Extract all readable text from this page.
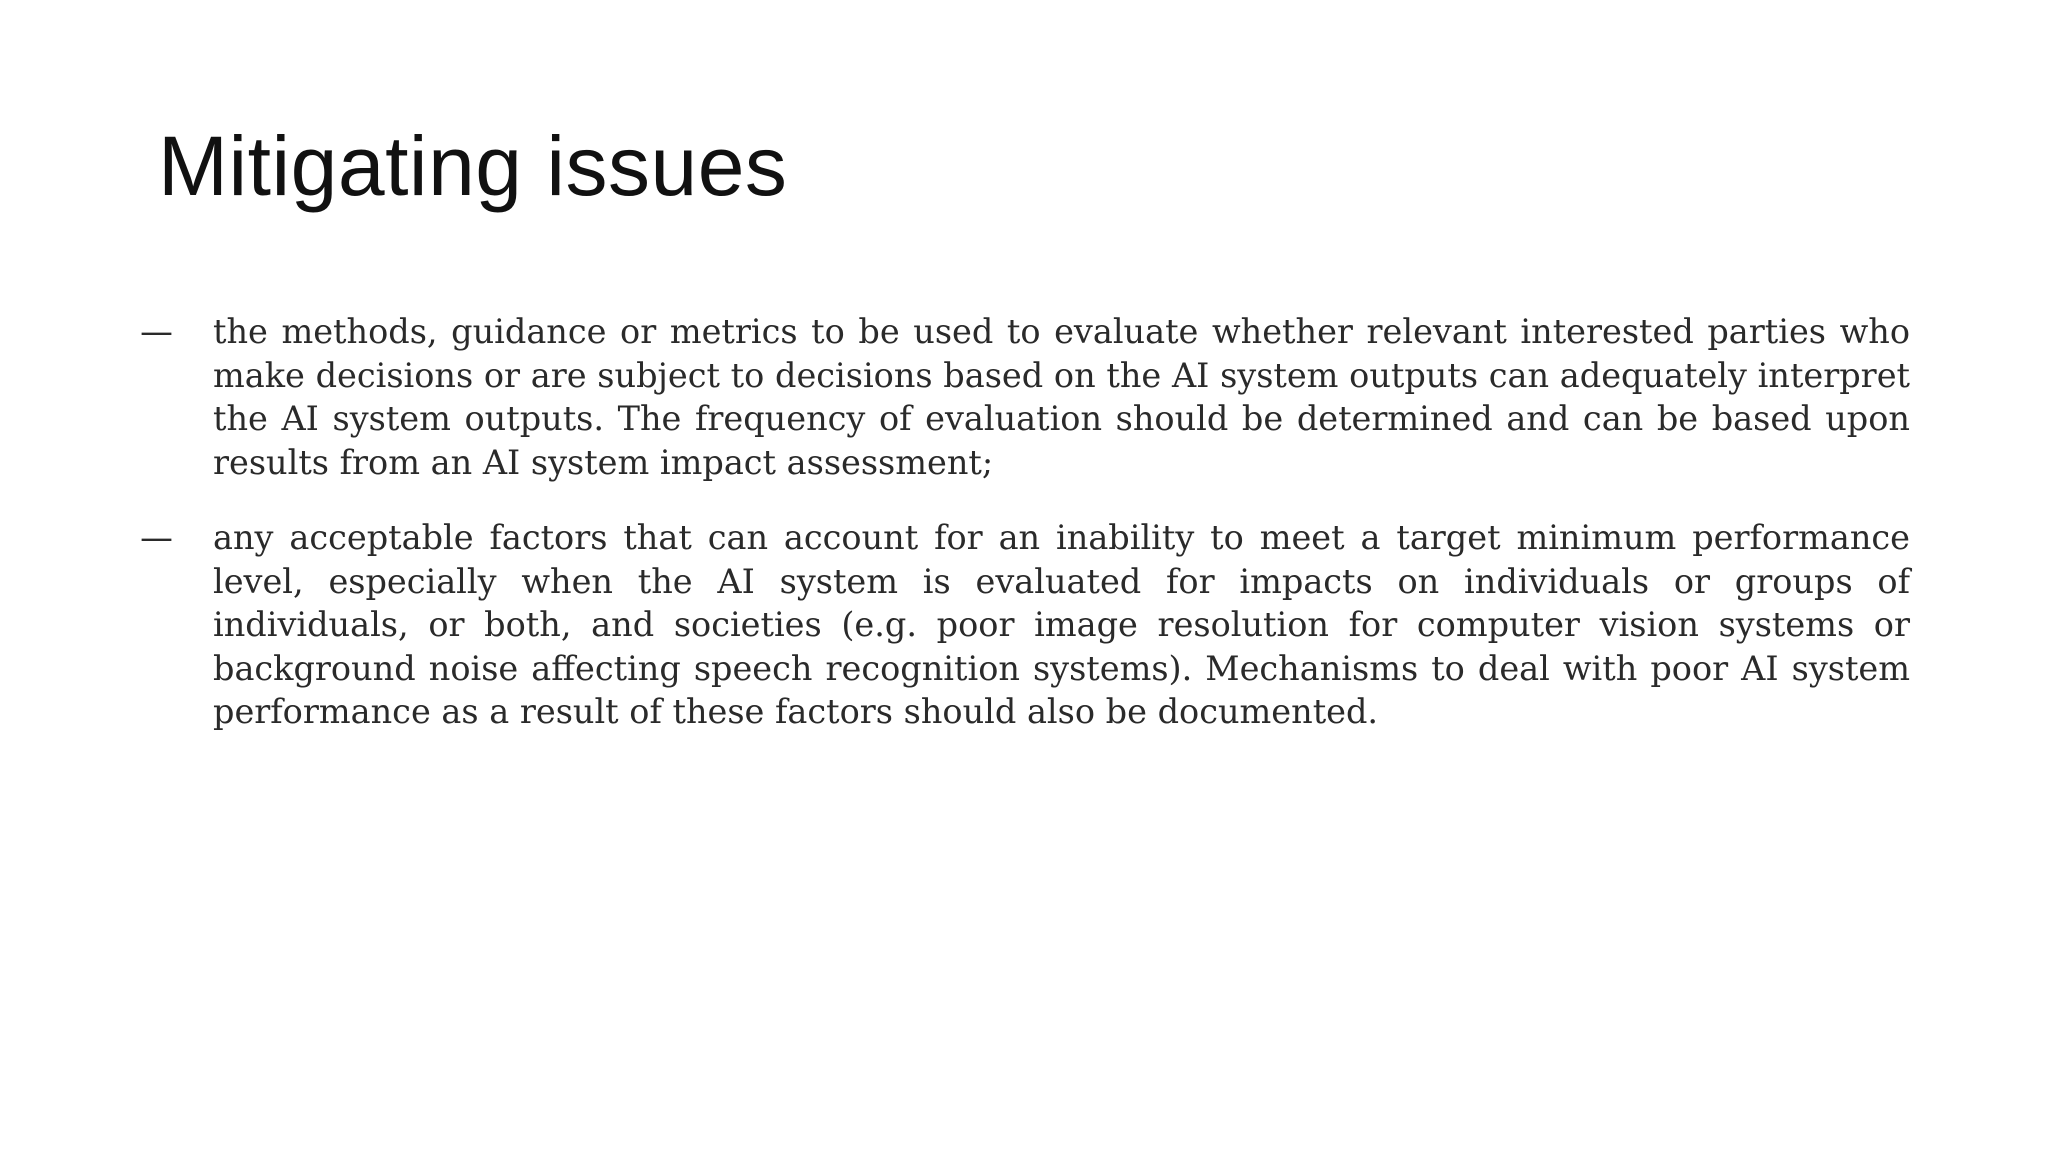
Mitigating issues
—	the methods, guidance or metrics to be used to evaluate whether relevant interested parties who make decisions or are subject to decisions based on the AI system outputs can adequately interpret the AI system outputs. The frequency of evaluation should be determined and can be based upon results from an AI system impact assessment;
—	any acceptable factors that can account for an inability to meet a target minimum performance level, especially when the AI system is evaluated for impacts on individuals or groups of individuals, or both, and societies (e.g. poor image resolution for computer vision systems or background noise affecting speech recognition systems). Mechanisms to deal with poor AI system performance as a result of these factors should also be documented.
